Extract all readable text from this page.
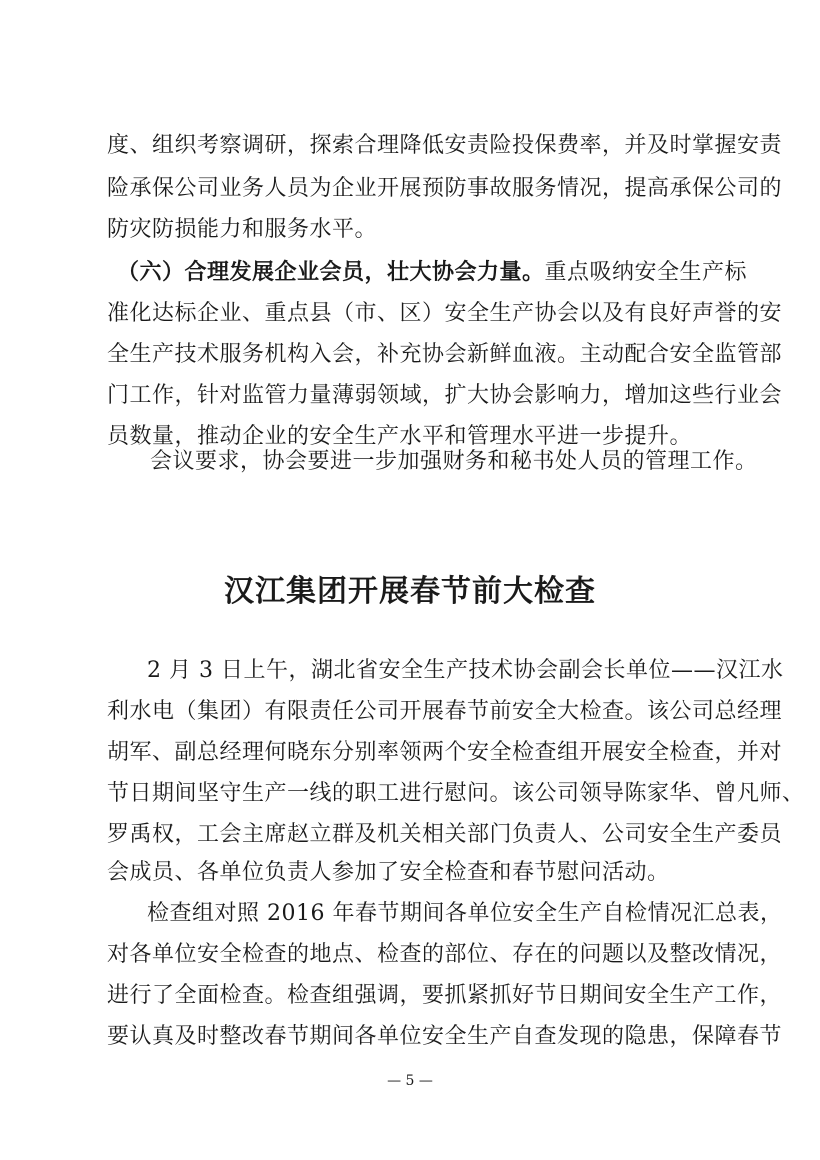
度、组织考察调研，探索合理降低安责险投保费率，并及时掌握安责
险承保公司业务人员为企业开展预防事故服务情况，提高承保公司的
防灾防损能力和服务水平。
（六）合理发展企业会员，壮大协会力量。重点吸纳安全生产标
准化达标企业、重点县（市、区）安全生产协会以及有良好声誉的安
全生产技术服务机构入会，补充协会新鲜血液。主动配合安全监管部
门工作，针对监管力量薄弱领域，扩大协会影响力，增加这些行业会
员数量，推动企业的安全生产水平和管理水平进一步提升。
会议要求，协会要进一步加强财务和秘书处人员的管理工作。
汉江集团开展春节前大检查
2 月 3 日上午，湖北省安全生产技术协会副会长单位——汉江水
利水电（集团）有限责任公司开展春节前安全大检查。该公司总经理
胡军、副总经理何晓东分别率领两个安全检查组开展安全检查，并对
节日期间坚守生产一线的职工进行慰问。该公司领导陈家华、曾凡师、
罗禹权，工会主席赵立群及机关相关部门负责人、公司安全生产委员
会成员、各单位负责人参加了安全检查和春节慰问活动。
检查组对照 2016 年春节期间各单位安全生产自检情况汇总表，
对各单位安全检查的地点、检查的部位、存在的问题以及整改情况，
进行了全面检查。检查组强调，要抓紧抓好节日期间安全生产工作，
要认真及时整改春节期间各单位安全生产自查发现的隐患，保障春节
— 5 —
